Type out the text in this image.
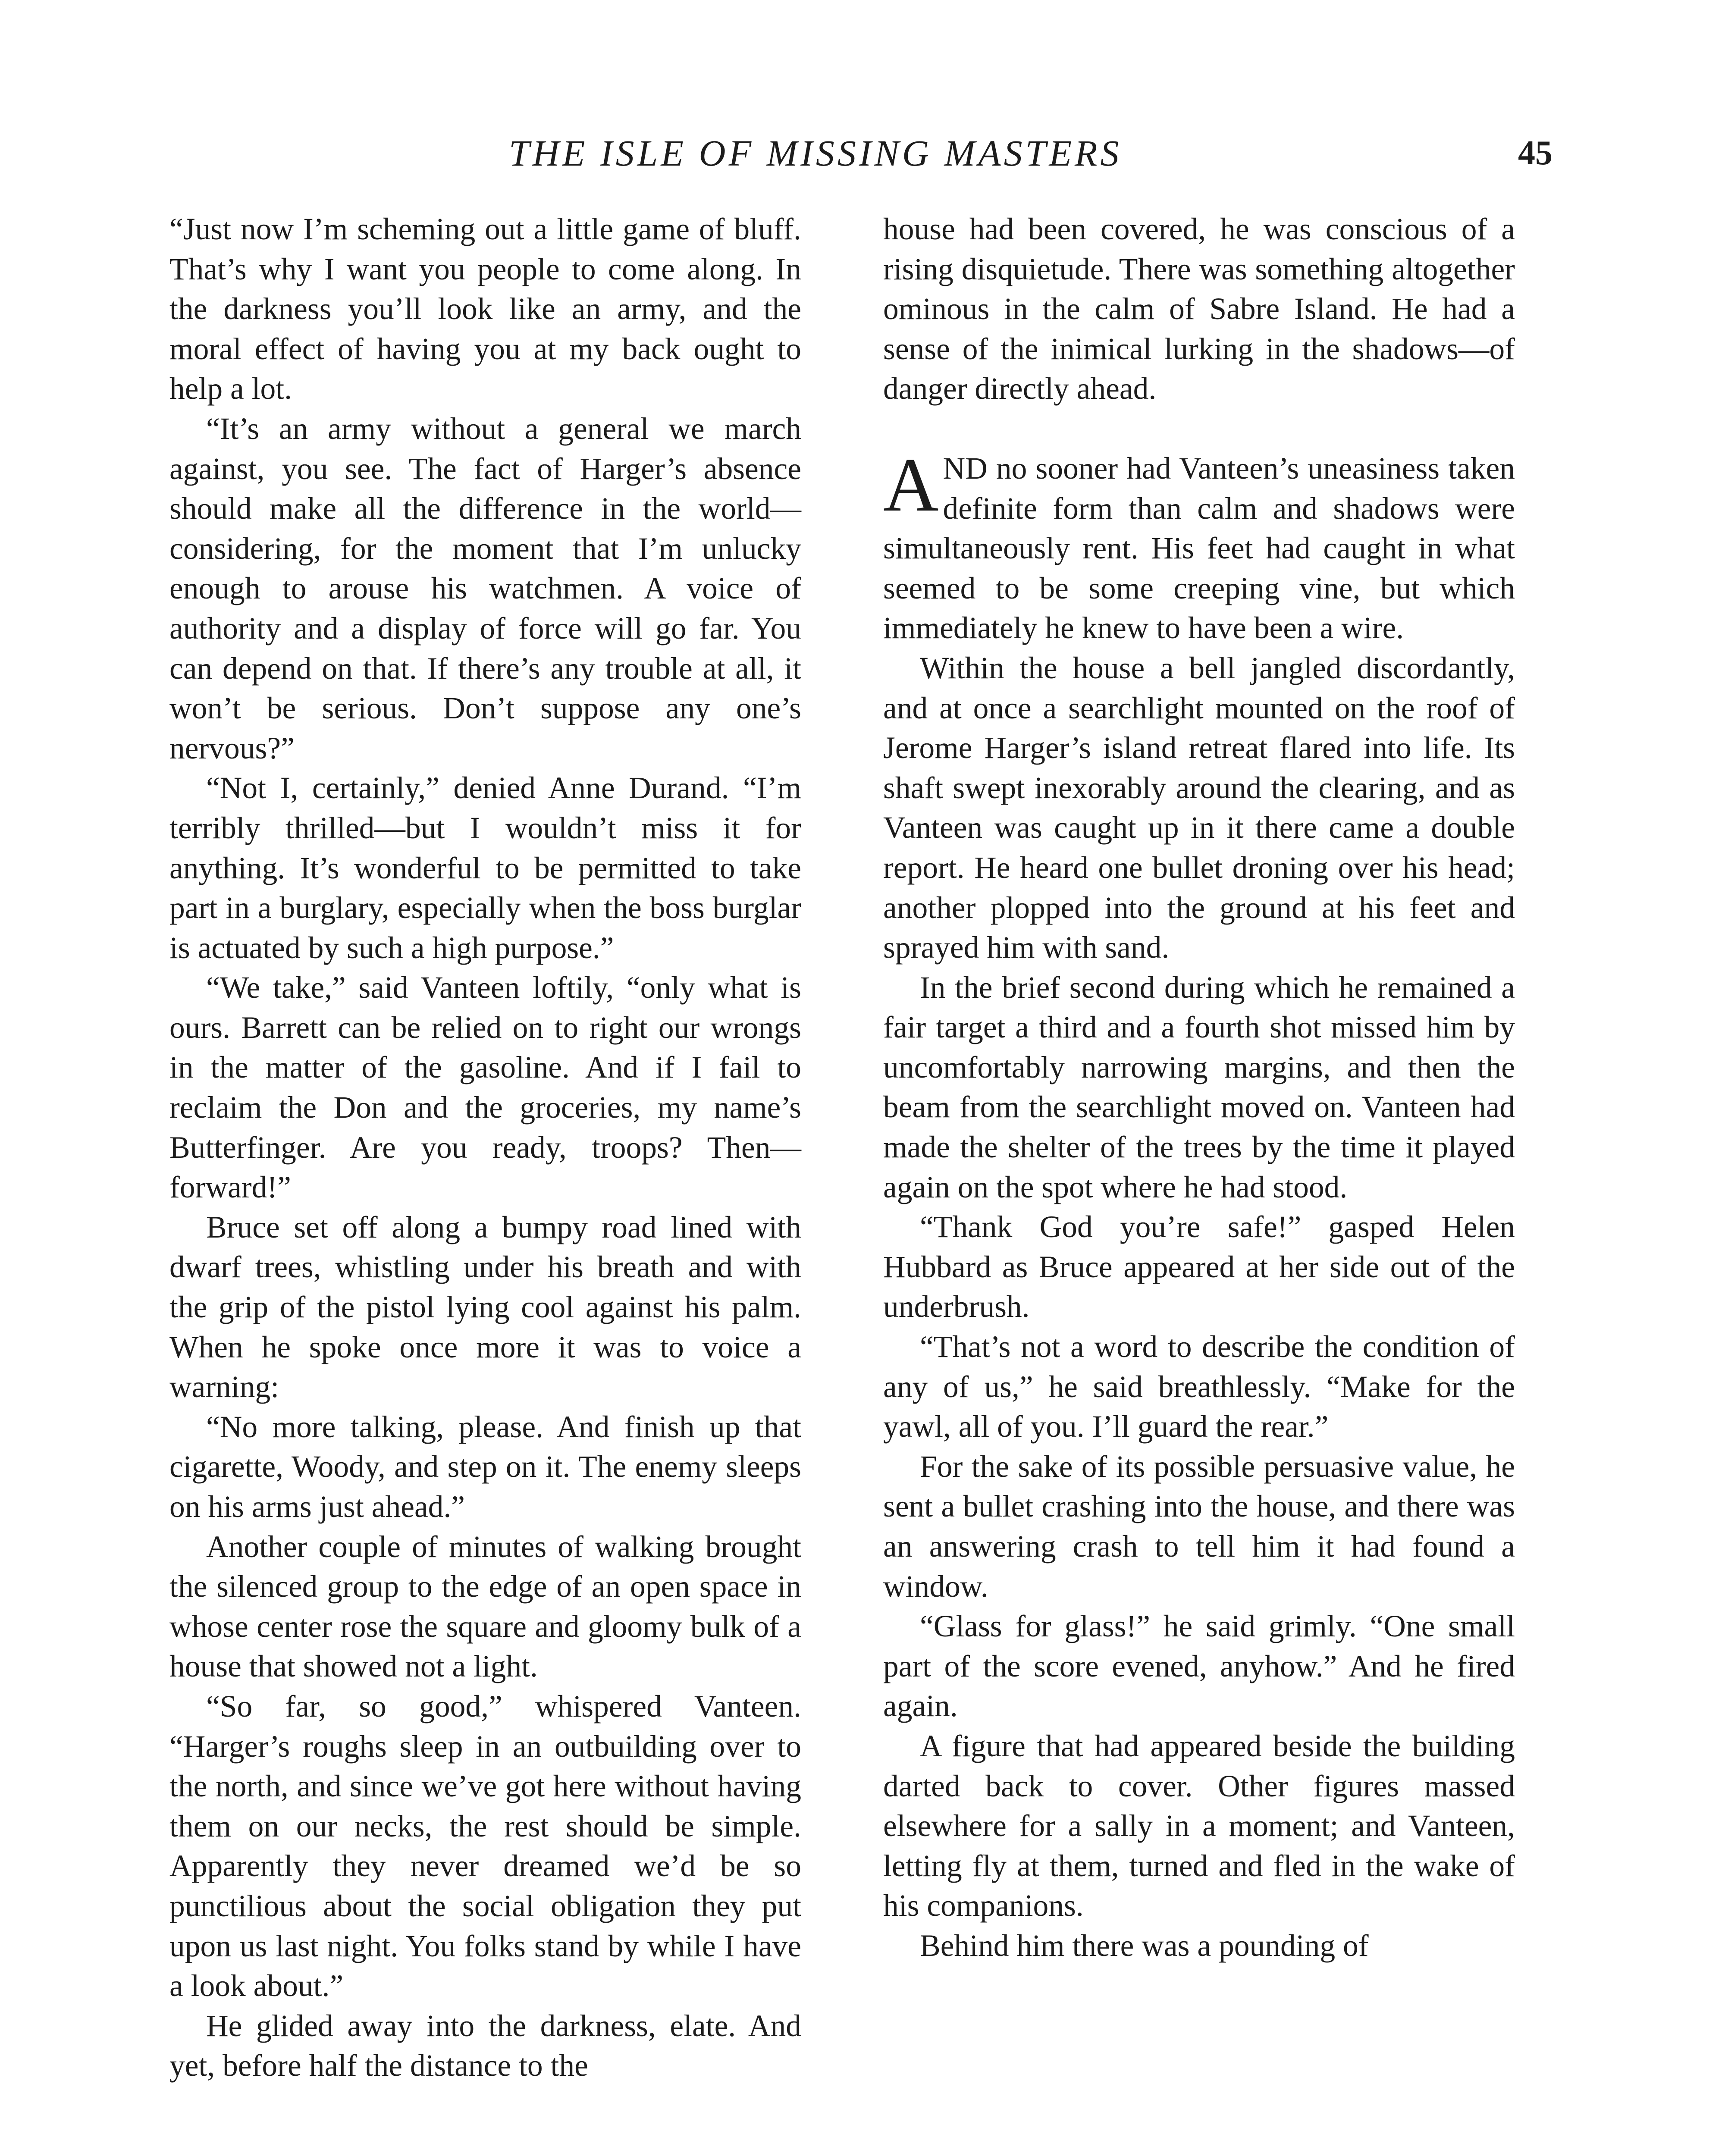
THE ISLE OF MISSING MASTERS	45

“Just now I’m scheming out a little game of bluff. That’s why I want you people to come along. In the darkness you’ll look like an army, and the moral effect of having you at my back ought to help a lot.

“It’s an army without a general we march against, you see. The fact of Harger’s absence should make all the difference in the world—considering, for the moment that I’m unlucky enough to arouse his watchmen. A voice of authority and a display of force will go far. You can depend on that. If there’s any trouble at all, it won’t be serious. Don’t suppose any one’s nervous?”

“Not I, certainly,” denied Anne Durand. “I’m terribly thrilled—but I wouldn’t miss it for anything. It’s wonderful to be permitted to take part in a burglary, especially when the boss burglar is actuated by such a high purpose.”

“We take,” said Vanteen loftily, “only what is ours. Barrett can be relied on to right our wrongs in the matter of the gasoline. And if I fail to reclaim the Don and the groceries, my name’s Butterfinger. Are you ready, troops? Then—forward!”

Bruce set off along a bumpy road lined with dwarf trees, whistling under his breath and with the grip of the pistol lying cool against his palm. When he spoke once more it was to voice a warning:

“No more talking, please. And finish up that cigarette, Woody, and step on it. The enemy sleeps on his arms just ahead.”

Another couple of minutes of walking brought the silenced group to the edge of an open space in whose center rose the square and gloomy bulk of a house that showed not a light.

“So far, so good,” whispered Vanteen. “Harger’s roughs sleep in an outbuilding over to the north, and since we’ve got here without having them on our necks, the rest should be simple. Apparently they never dreamed we’d be so punctilious about the social obligation they put upon us last night. You folks stand by while I have a look about.”

He glided away into the darkness, elate. And yet, before half the distance to the

house had been covered, he was conscious of a rising disquietude. There was something altogether ominous in the calm of Sabre Island. He had a sense of the inimical lurking in the shadows—of danger directly ahead.

AND no sooner had Vanteen’s uneasiness taken definite form than calm and shadows were simultaneously rent. His feet had caught in what seemed to be some creeping vine, but which immediately he knew to have been a wire.

Within the house a bell jangled discordantly, and at once a searchlight mounted on the roof of Jerome Harger’s island retreat flared into life. Its shaft swept inexorably around the clearing, and as Vanteen was caught up in it there came a double report. He heard one bullet droning over his head; another plopped into the ground at his feet and sprayed him with sand.

In the brief second during which he remained a fair target a third and a fourth shot missed him by uncomfortably narrowing margins, and then the beam from the searchlight moved on. Vanteen had made the shelter of the trees by the time it played again on the spot where he had stood.

“Thank God you’re safe!” gasped Helen Hubbard as Bruce appeared at her side out of the underbrush.

“That’s not a word to describe the condition of any of us,” he said breathlessly. “Make for the yawl, all of you. I’ll guard the rear.”

For the sake of its possible persuasive value, he sent a bullet crashing into the house, and there was an answering crash to tell him it had found a window.

“Glass for glass!” he said grimly. “One small part of the score evened, anyhow.” And he fired again.

A figure that had appeared beside the building darted back to cover. Other figures massed elsewhere for a sally in a moment; and Vanteen, letting fly at them, turned and fled in the wake of his companions.

Behind him there was a pounding of
